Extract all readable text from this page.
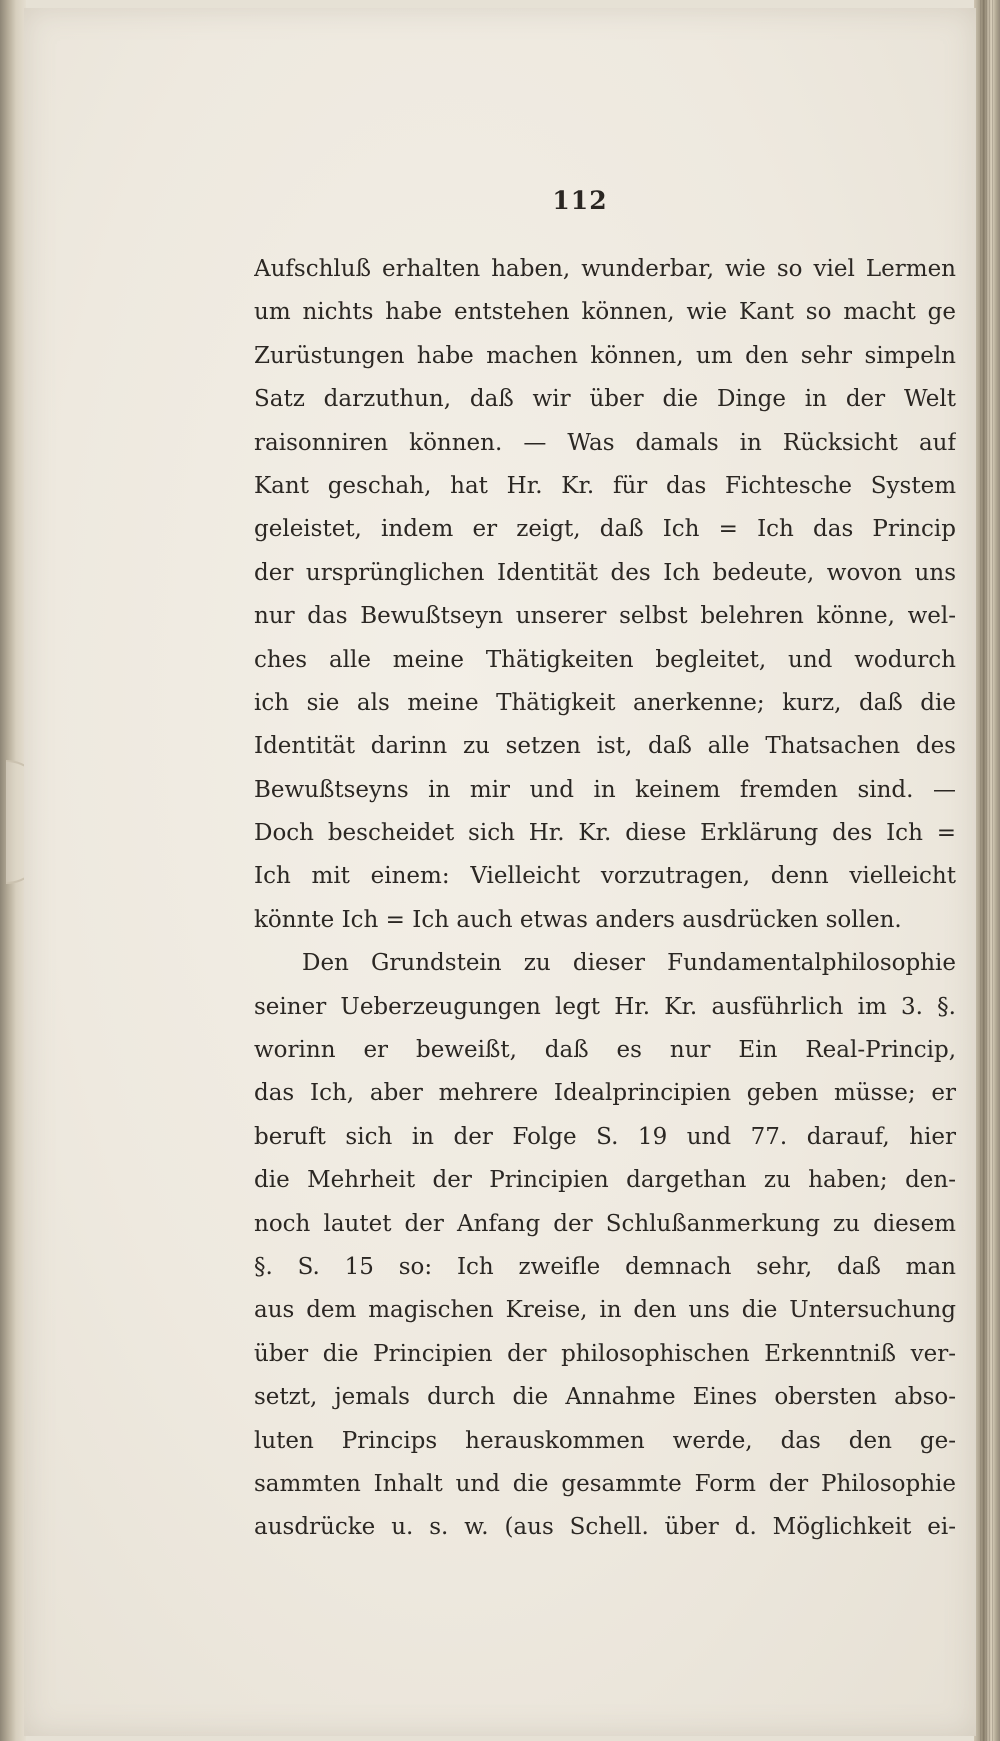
112
Aufschluß erhalten haben, wunderbar, wie so viel Lermen
um nichts habe entstehen können, wie Kant so macht ge
Zurüstungen habe machen können, um den sehr simpeln
Satz darzuthun, daß wir über die Dinge in der Welt
raisonniren können. — Was damals in Rücksicht auf
Kant geschah, hat Hr. Kr. für das Fichtesche System
geleistet, indem er zeigt, daß Ich = Ich das Princip
der ursprünglichen Identität des Ich bedeute, wovon uns
nur das Bewußtseyn unserer selbst belehren könne, wel-
ches alle meine Thätigkeiten begleitet, und wodurch
ich sie als meine Thätigkeit anerkenne; kurz, daß die
Identität darinn zu setzen ist, daß alle Thatsachen des
Bewußtseyns in mir und in keinem fremden sind. —
Doch bescheidet sich Hr. Kr. diese Erklärung des Ich =
Ich mit einem: Vielleicht vorzutragen, denn vielleicht
könnte Ich = Ich auch etwas anders ausdrücken sollen.
Den Grundstein zu dieser Fundamentalphilosophie
seiner Ueberzeugungen legt Hr. Kr. ausführlich im 3. §.
worinn er beweißt, daß es nur Ein Real-Princip,
das Ich, aber mehrere Idealprincipien geben müsse; er
beruft sich in der Folge S. 19 und 77. darauf, hier
die Mehrheit der Principien dargethan zu haben; den-
noch lautet der Anfang der Schlußanmerkung zu diesem
§. S. 15 so: Ich zweifle demnach sehr, daß man
aus dem magischen Kreise, in den uns die Untersuchung
über die Principien der philosophischen Erkenntniß ver-
setzt, jemals durch die Annahme Eines obersten abso-
luten Princips herauskommen werde, das den ge-
sammten Inhalt und die gesammte Form der Philosophie
ausdrücke u. s. w. (aus Schell. über d. Möglichkeit ei-
